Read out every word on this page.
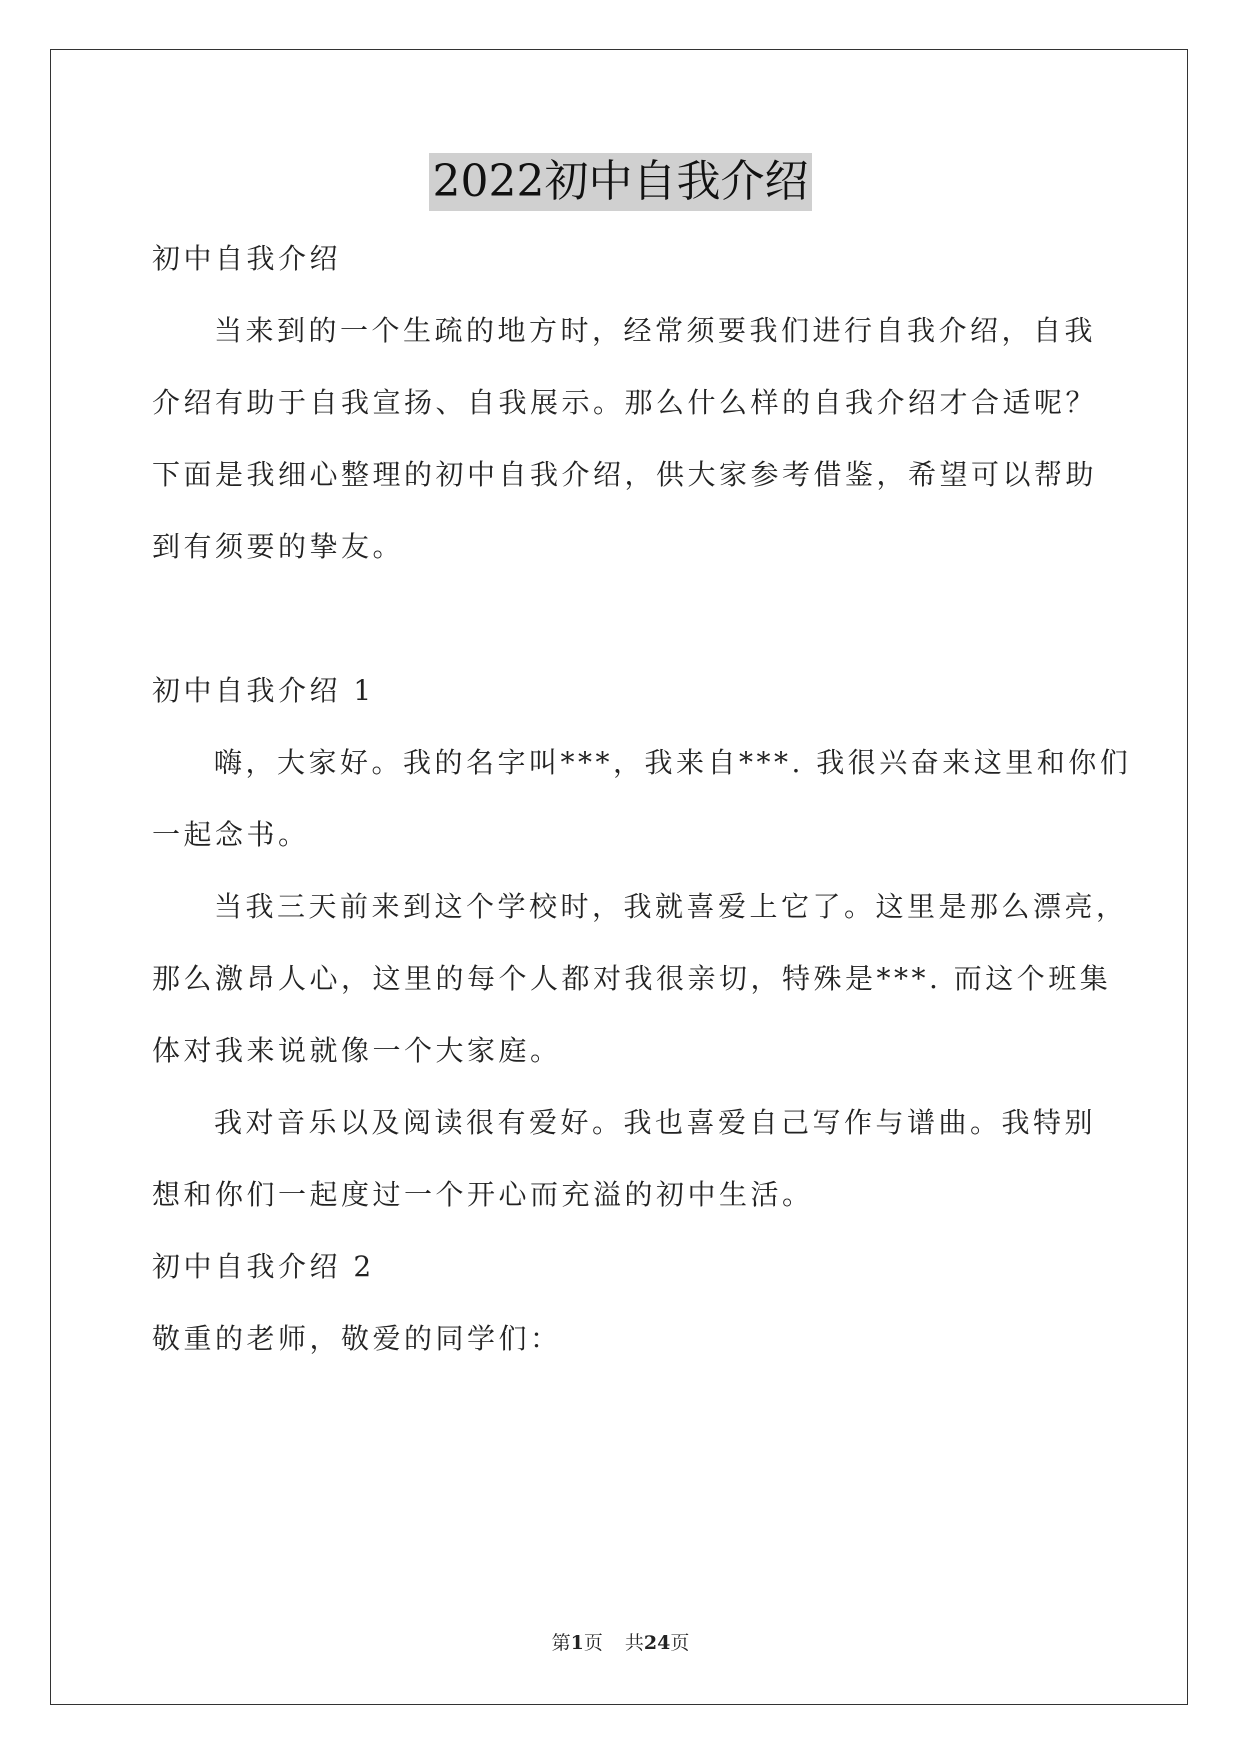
2022初中自我介绍
初中自我介绍
当来到的一个生疏的地方时，经常须要我们进行自我介绍，自我
介绍有助于自我宣扬、自我展示。那么什么样的自我介绍才合适呢？
下面是我细心整理的初中自我介绍，供大家参考借鉴，希望可以帮助
到有须要的挚友。
初中自我介绍 1
嗨，大家好。我的名字叫***，我来自***. 我很兴奋来这里和你们
一起念书。
当我三天前来到这个学校时，我就喜爱上它了。这里是那么漂亮，
那么激昂人心，这里的每个人都对我很亲切，特殊是***. 而这个班集
体对我来说就像一个大家庭。
我对音乐以及阅读很有爱好。我也喜爱自己写作与谱曲。我特别
想和你们一起度过一个开心而充溢的初中生活。
初中自我介绍 2
敬重的老师，敬爱的同学们：
第1页 共24页
